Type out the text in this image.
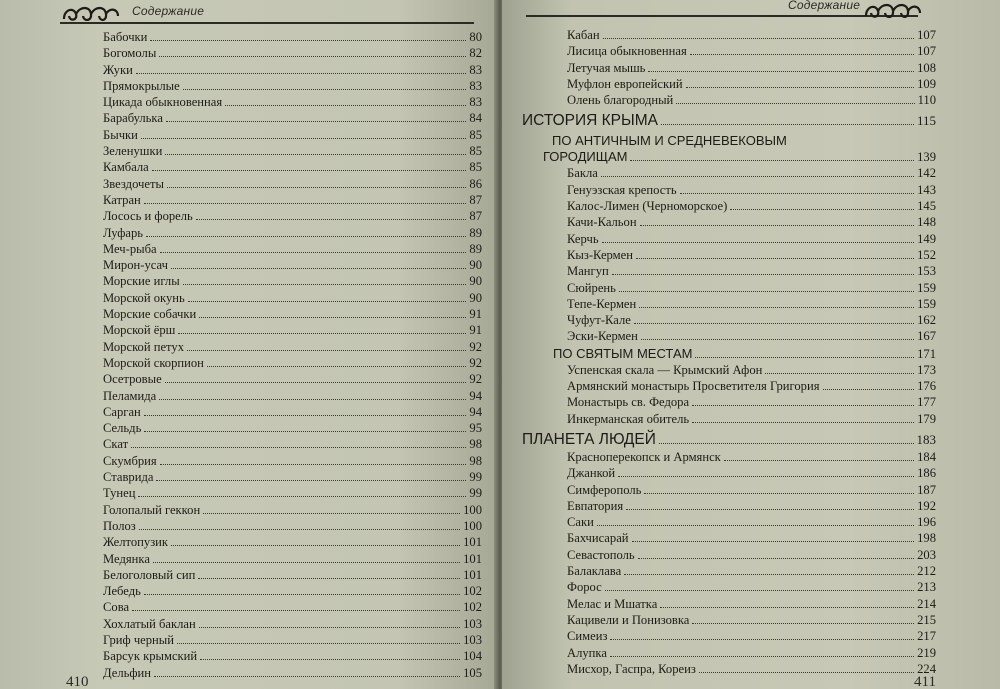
Содержание
Бабочки	80
Богомолы	82
Жуки	83
Прямокрылые	83
Цикада обыкновенная	83
Барабулька	84
Бычки	85
Зеленушки	85
Камбала	85
Звездочеты	86
Катран	87
Лосось и форель	87
Луфарь	89
Меч-рыба	89
Мирон-усач	90
Морские иглы	90
Морской окунь	90
Морские собачки	91
Морской ёрш	91
Морской петух	92
Морской скорпион	92
Осетровые	92
Пеламида	94
Сарган	94
Сельдь	95
Скат	98
Скумбрия	98
Ставрида	99
Тунец	99
Голопалый геккон	100
Полоз	100
Желтопузик	101
Медянка	101
Белоголовый сип	101
Лебедь	102
Сова	102
Хохлатый баклан	103
Гриф черный	103
Барсук крымский	104
Дельфин	105
410
Содержание
Кабан	107
Лисица обыкновенная	107
Летучая мышь	108
Муфлон европейский	109
Олень благородный	110
ИСТОРИЯ КРЫМА	115
ПО АНТИЧНЫМ И СРЕДНЕВЕКОВЫМ
ГОРОДИЩАМ	139
Бакла	142
Генуэзская крепость	143
Калос-Лимен (Черноморское)	145
Качи-Кальон	148
Керчь	149
Кыз-Кермен	152
Мангуп	153
Сюйрень	159
Тепе-Кермен	159
Чуфут-Кале	162
Эски-Кермен	167
ПО СВЯТЫМ МЕСТАМ	171
Успенская скала — Крымский Афон	173
Армянский монастырь Просветителя Григория	176
Монастырь св. Федора	177
Инкерманская обитель	179
ПЛАНЕТА ЛЮДЕЙ	183
Красноперекопск и Армянск	184
Джанкой	186
Симферополь	187
Евпатория	192
Саки	196
Бахчисарай	198
Севастополь	203
Балаклава	212
Форос	213
Мелас и Мшатка	214
Кацивели и Понизовка	215
Симеиз	217
Алупка	219
Мисхор, Гаспра, Кореиз	224
411
